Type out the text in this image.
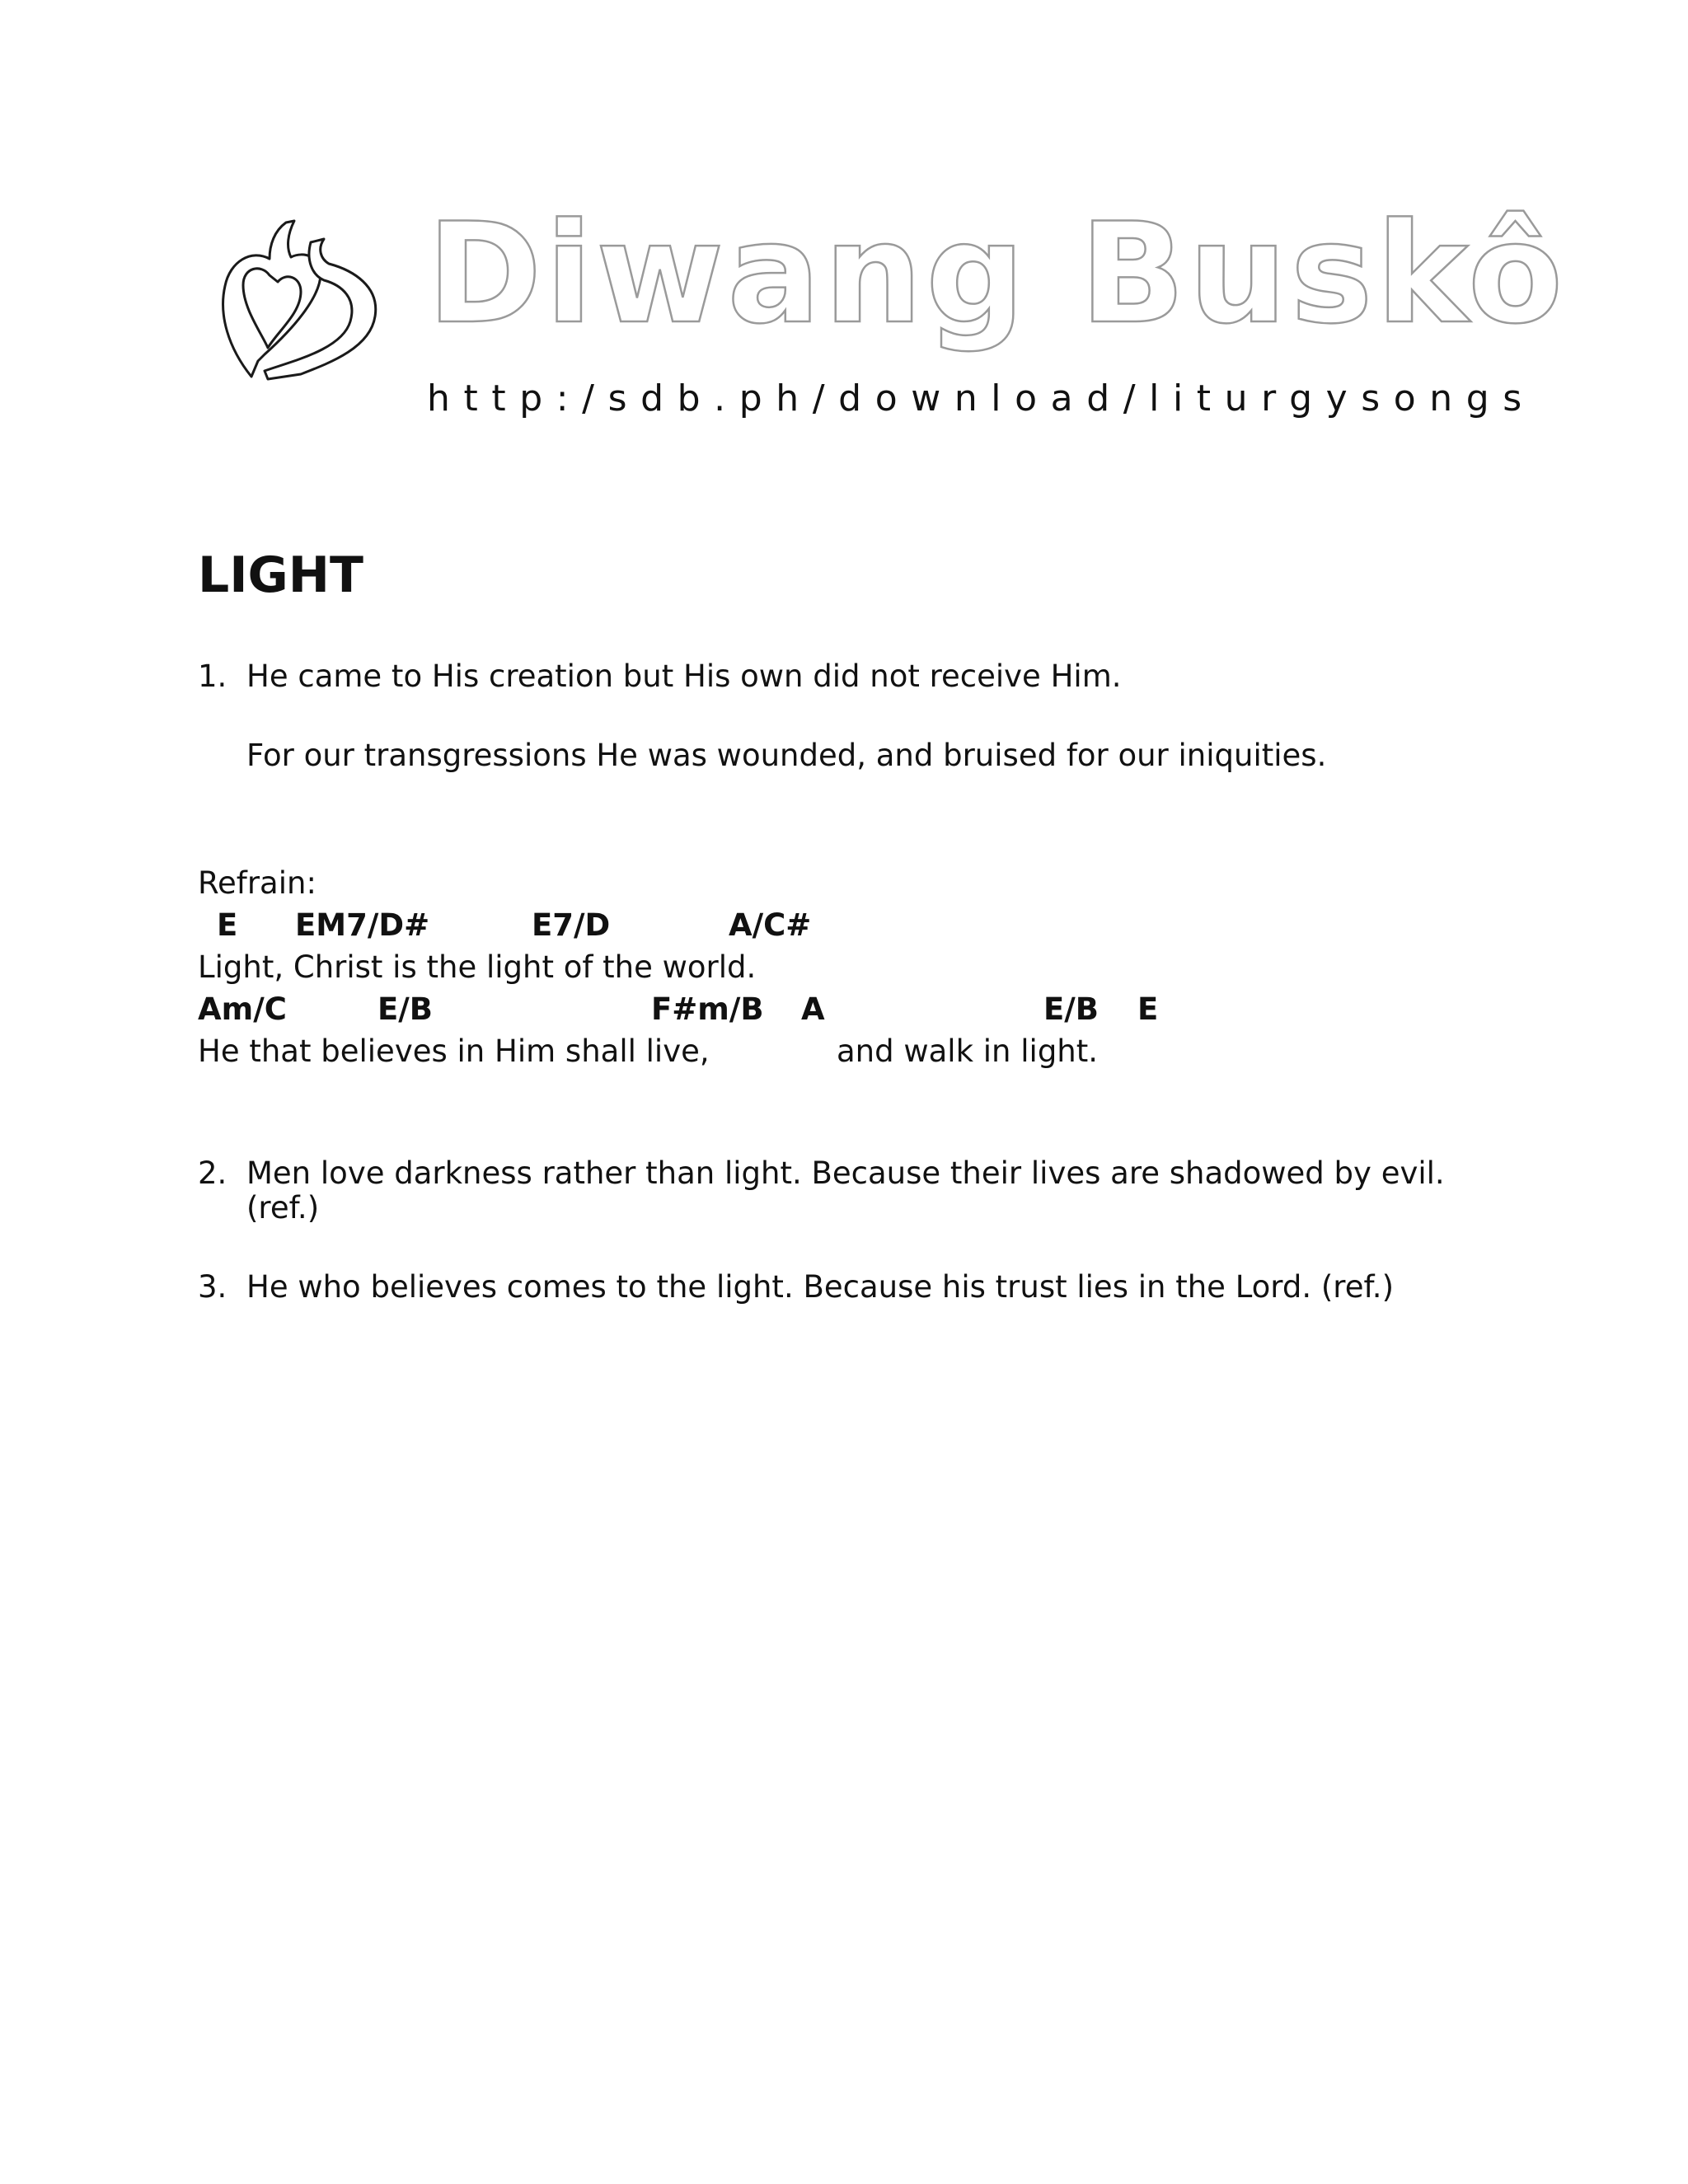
Diwang Buskô
http:/sdb.ph/download/liturgysongs
LIGHT
1. He came to His creation but His own did not receive Him.
For our transgressions He was wounded, and bruised for our iniquities.
Refrain:
E EM7/D#	E7/D	A/C#
Light, Christ is the light of the world.
Am/C	E/B	F#m/B A	E/B E
He that believes in Him shall live,	and walk in light.
2. Men love darkness rather than light. Because their lives are shadowed by evil.
(ref.)
3. He who believes comes to the light. Because his trust lies in the Lord. (ref.)
